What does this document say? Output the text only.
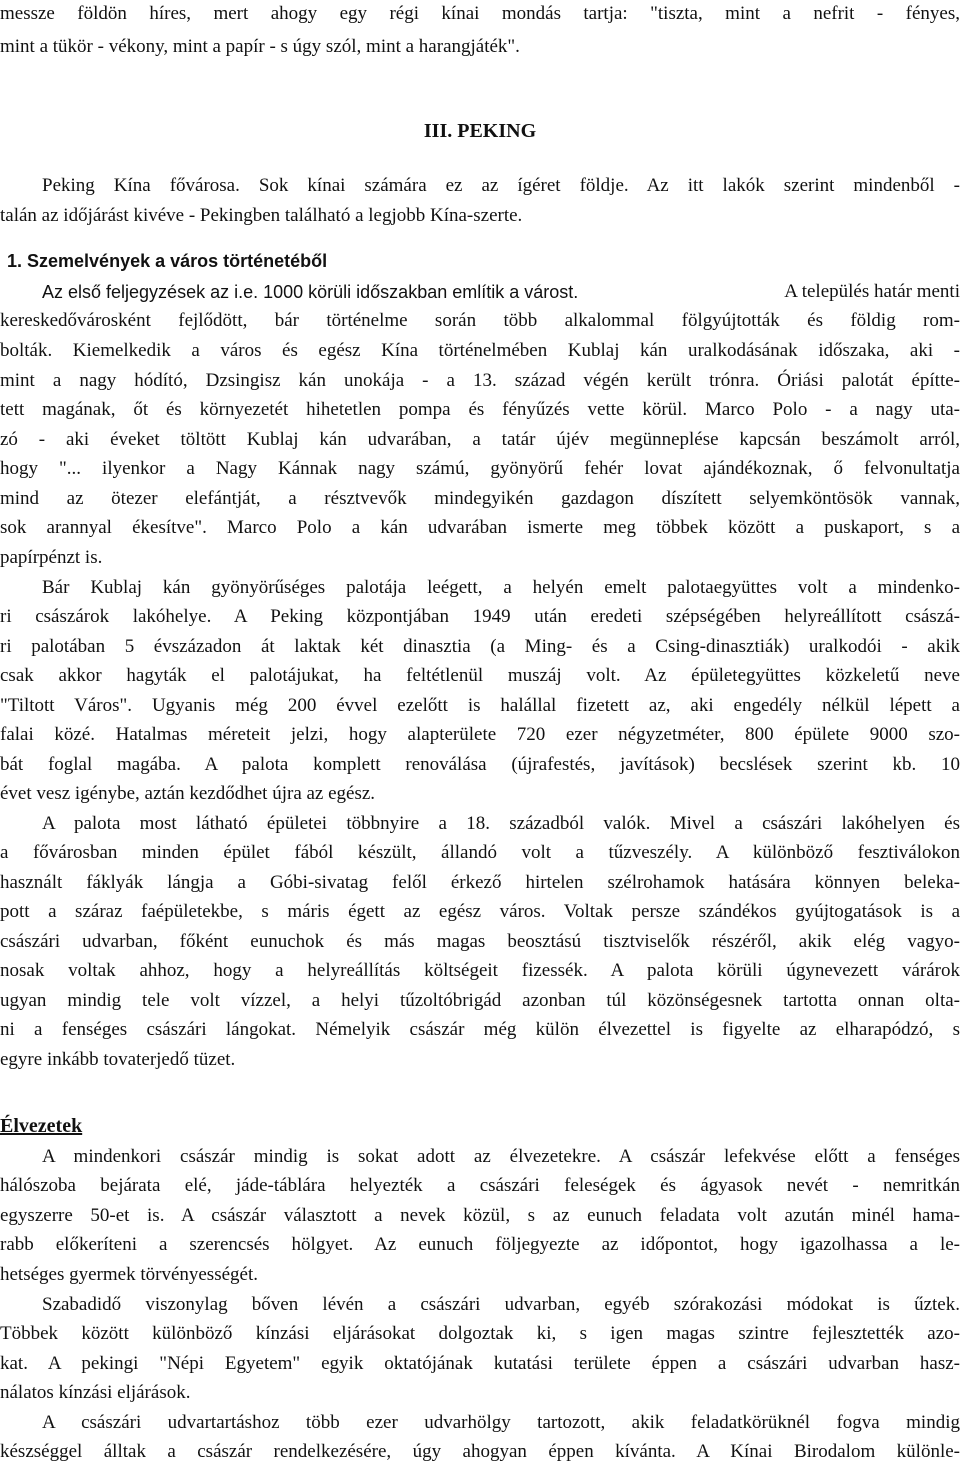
messze földön híres, mert ahogy egy régi kínai mondás tartja: "tiszta, mint a nefrit - fényes,
mint a tükör - vékony, mint a papír - s úgy szól, mint a harangjáték".
III. PEKING
Peking Kína fővárosa. Sok kínai számára ez az ígéret földje. Az itt lakók szerint mindenből -
talán az időjárást kivéve - Pekingben található a legjobb Kína-szerte.
1. Szemelvények a város történetéből
Az első feljegyzések az i.e. 1000 körüli időszakban említik a várost.	A település határ menti
kereskedővárosként fejlődött, bár történelme során több alkalommal fölgyújtották és földig rom-
bolták. Kiemelkedik a város és egész Kína történelmében Kublaj kán uralkodásának időszaka, aki -
mint a nagy hódító, Dzsingisz kán unokája - a 13. század végén került trónra. Óriási palotát építte-
tett magának, őt és környezetét hihetetlen pompa és fényűzés vette körül. Marco Polo - a nagy uta-
zó - aki éveket töltött Kublaj kán udvarában, a tatár újév megünneplése kapcsán beszámolt arról,
hogy "... ilyenkor a Nagy Kánnak nagy számú, gyönyörű fehér lovat ajándékoznak, ő felvonultatja
mind az ötezer elefántját, a résztvevők mindegyikén gazdagon díszített selyemköntösök vannak,
sok arannyal ékesítve". Marco Polo a kán udvarában ismerte meg többek között a puskaport, s a
papírpénzt is.
Bár Kublaj kán gyönyörűséges palotája leégett, a helyén emelt palotaegyüttes volt a mindenko-
ri császárok lakóhelye. A Peking központjában 1949 után eredeti szépségében helyreállított császá-
ri palotában 5 évszázadon át laktak két dinasztia (a Ming- és a Csing-dinasztiák) uralkodói - akik
csak akkor hagyták el palotájukat, ha feltétlenül muszáj volt. Az épületegyüttes közkeletű neve
"Tiltott Város". Ugyanis még 200 évvel ezelőtt is halállal fizetett az, aki engedély nélkül lépett a
falai közé. Hatalmas méreteit jelzi, hogy alapterülete 720 ezer négyzetméter, 800 épülete 9000 szo-
bát foglal magába. A palota komplett renoválása (újrafestés, javítások) becslések szerint kb. 10
évet vesz igénybe, aztán kezdődhet újra az egész.
A palota most látható épületei többnyire a 18. századból valók. Mivel a császári lakóhelyen és
a fővárosban minden épület fából készült, állandó volt a tűzveszély. A különböző fesztiválokon
használt fáklyák lángja a Góbi-sivatag felől érkező hirtelen szélrohamok hatására könnyen beleka-
pott a száraz faépületekbe, s máris égett az egész város. Voltak persze szándékos gyújtogatások is a
császári udvarban, főként eunuchok és más magas beosztású tisztviselők részéről, akik elég vagyo-
nosak voltak ahhoz, hogy a helyreállítás költségeit fizessék. A palota körüli úgynevezett várárok
ugyan mindig tele volt vízzel, a helyi tűzoltóbrigád azonban túl közönségesnek tartotta onnan olta-
ni a fenséges császári lángokat. Némelyik császár még külön élvezettel is figyelte az elharapódzó, s
egyre inkább tovaterjedő tüzet.
Élvezetek
A mindenkori császár mindig is sokat adott az élvezetekre. A császár lefekvése előtt a fenséges
hálószoba bejárata elé, jáde-táblára helyezték a császári feleségek és ágyasok nevét - nemritkán
egyszerre 50-et is. A császár választott a nevek közül, s az eunuch feladata volt azután minél hama-
rabb előkeríteni a szerencsés hölgyet. Az eunuch följegyezte az időpontot, hogy igazolhassa a le-
hetséges gyermek törvényességét.
Szabadidő viszonylag bőven lévén a császári udvarban, egyéb szórakozási módokat is űztek.
Többek között különböző kínzási eljárásokat dolgoztak ki, s igen magas szintre fejlesztették azo-
kat. A pekingi "Népi Egyetem" egyik oktatójának kutatási területe éppen a császári udvarban hasz-
nálatos kínzási eljárások.
A császári udvartartáshoz több ezer udvarhölgy tartozott, akik feladatkörüknél fogva mindig
készséggel álltak a császár rendelkezésére, úgy ahogyan éppen kívánta. A Kínai Birodalom különle-
